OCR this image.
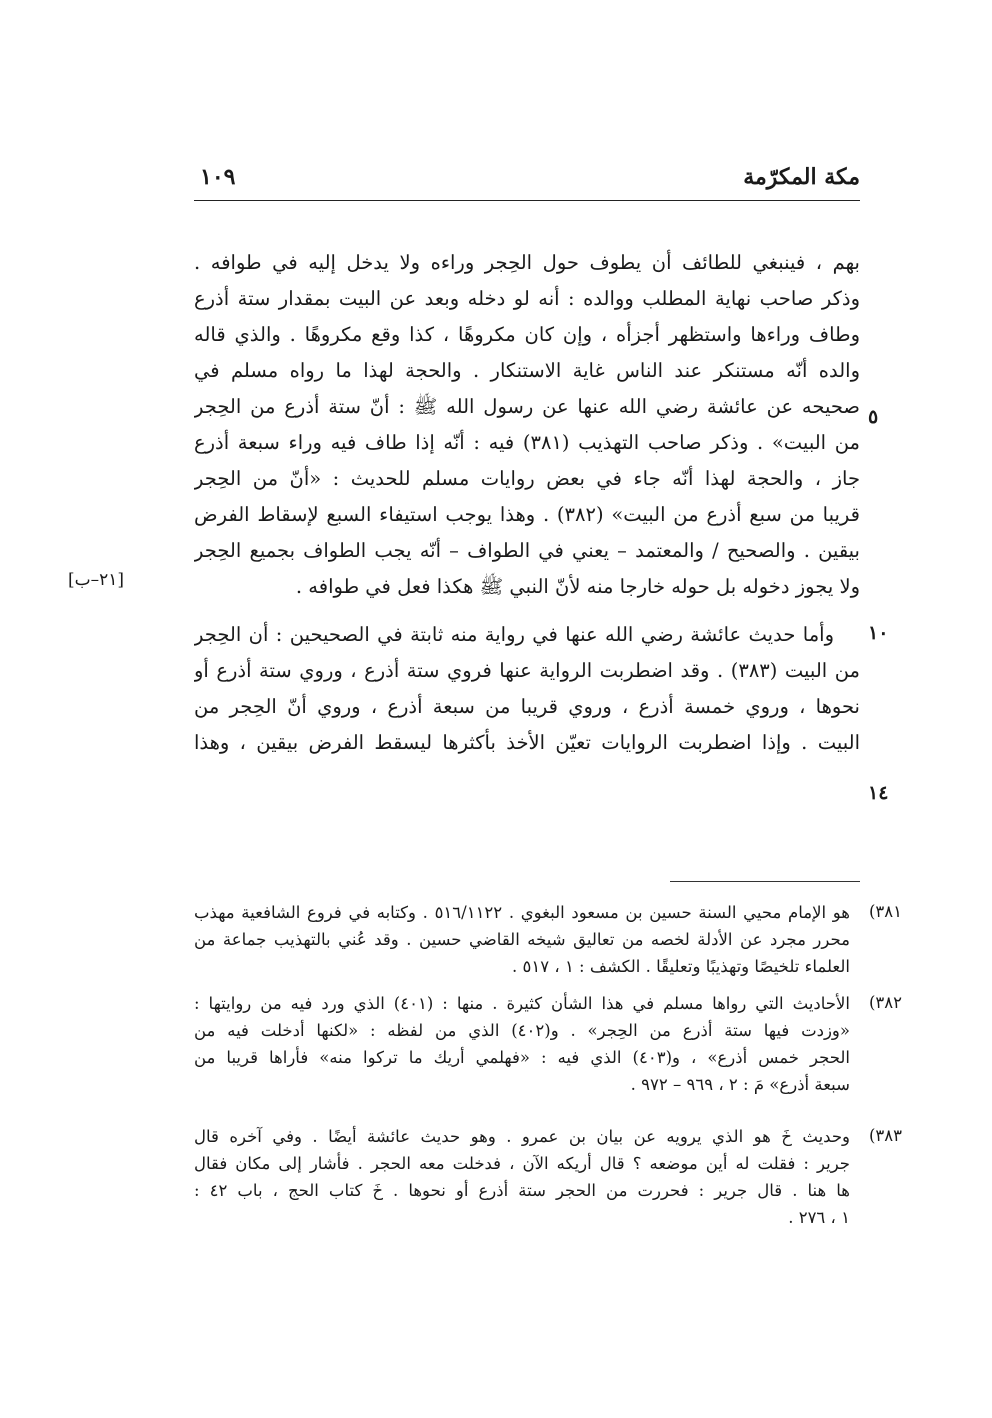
مكة المكرّمة
١٠٩
بهم ، فينبغي للطائف أن يطوف حول الحِجر وراءه ولا يدخل إليه في طوافه .
وذكر صاحب نهاية المطلب ووالده : أنه لو دخله وبعد عن البيت بمقدار ستة أذرع
وطاف وراءها واستظهر أجزأه ، وإن كان مكروهًا ، كذا وقع مكروهًا . والذي قاله
والده أنّه مستنكر عند الناس غاية الاستنكار . والحجة لهذا ما رواه مسلم في
صحيحه عن عائشة رضي الله عنها عن رسول الله ﷺ : أنّ ستة أذرع من الحِجر
من البيت» . وذكر صاحب التهذيب (٣٨١) فيه : أنّه إذا طاف فيه وراء سبعة أذرع
جاز ، والحجة لهذا أنّه جاء في بعض روايات مسلم للحديث : «أنّ من الحِجر
قريبا من سبع أذرع من البيت» (٣٨٢) . وهذا يوجب استيفاء السبع لإسقاط الفرض
بيقين . والصحيح / والمعتمد – يعني في الطواف – أنّه يجب الطواف بجميع الحِجر
ولا يجوز دخوله بل حوله خارجا منه لأنّ النبي ﷺ هكذا فعل في طوافه .
وأما حديث عائشة رضي الله عنها في رواية منه ثابتة في الصحيحين : أن الحِجر
من البيت (٣٨٣) . وقد اضطربت الرواية عنها فروي ستة أذرع ، وروي ستة أذرع أو
نحوها ، وروي خمسة أذرع ، وروي قريبا من سبعة أذرع ، وروي أنّ الحِجر من
البيت . وإذا اضطربت الروايات تعيّن الأخذ بأكثرها ليسقط الفرض بيقين ، وهذا
٥
١٠
١٤
[٢١–ب]
٣٨١)
هو الإمام محيي السنة حسين بن مسعود البغوي . ٥١٦/١١٢٢ . وكتابه في فروع الشافعية مهذب
محرر مجرد عن الأدلة لخصه من تعاليق شيخه القاضي حسين . وقد عُني بالتهذيب جماعة من
العلماء تلخيصًا وتهذيبًا وتعليقًا . الكشف : ١ ، ٥١٧ .
٣٨٢)
الأحاديث التي رواها مسلم في هذا الشأن كثيرة . منها : (٤٠١) الذي ورد فيه من روايتها :
«وزدت فيها ستة أذرع من الحِجر» . و(٤٠٢) الذي من لفظه : «لكنها أدخلت فيه من
الحجر خمس أذرع» ، و(٤٠٣) الذي فيه : «فهلمي أريك ما تركوا منه» فأراها قريبا من
سبعة أذرع» مَ : ٢ ، ٩٦٩ – ٩٧٢ .
٣٨٣)
وحديث خَ هو الذي يرويه عن بيان بن عمرو . وهو حديث عائشة أيضًا . وفي آخره قال
جرير : فقلت له أين موضعه ؟ قال أريكه الآن ، فدخلت معه الحجر . فأشار إلى مكان فقال
ها هنا . قال جرير : فحررت من الحجر ستة أذرع أو نحوها . خَ كتاب الحج ، باب ٤٢ :
١ ، ٢٧٦ .
